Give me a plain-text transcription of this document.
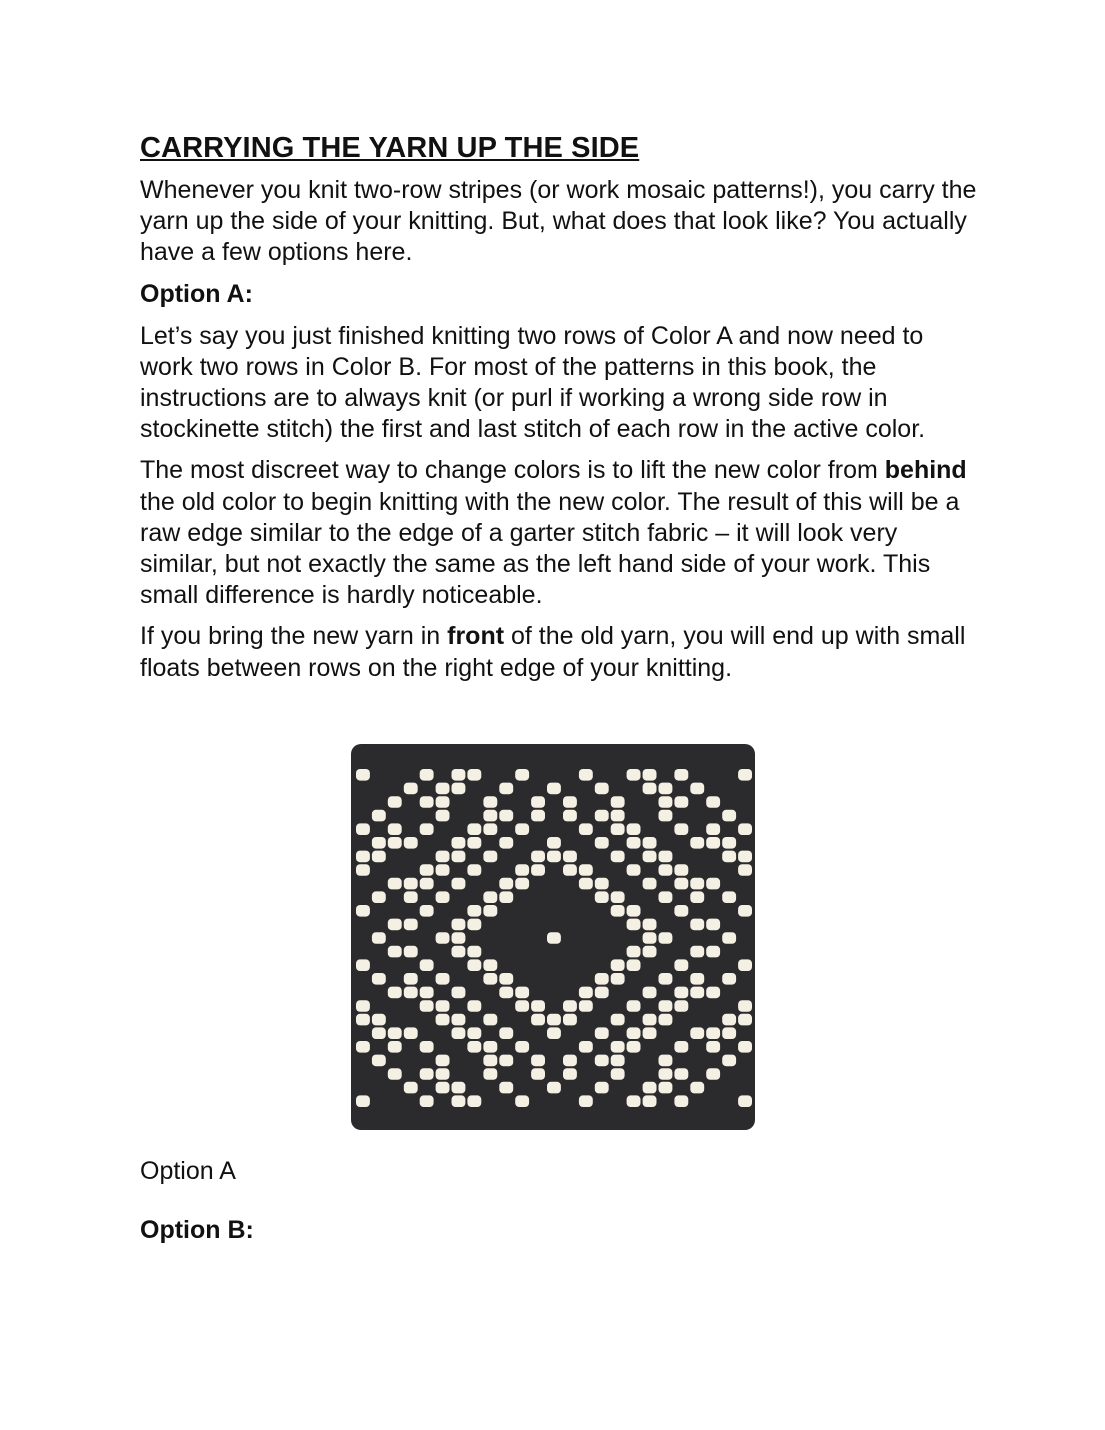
CARRYING THE YARN UP THE SIDE

Whenever you knit two-row stripes (or work mosaic patterns!), you carry the yarn up the side of your knitting. But, what does that look like? You actually have a few options here.

Option A:

Let’s say you just finished knitting two rows of Color A and now need to work two rows in Color B. For most of the patterns in this book, the instructions are to always knit (or purl if working a wrong side row in stockinette stitch) the first and last stitch of each row in the active color.

The most discreet way to change colors is to lift the new color from behind the old color to begin knitting with the new color. The result of this will be a raw edge similar to the edge of a garter stitch fabric – it will look very similar, but not exactly the same as the left hand side of your work. This small difference is hardly noticeable.

If you bring the new yarn in front of the old yarn, you will end up with small floats between rows on the right edge of your knitting.

Option A
Option B:
